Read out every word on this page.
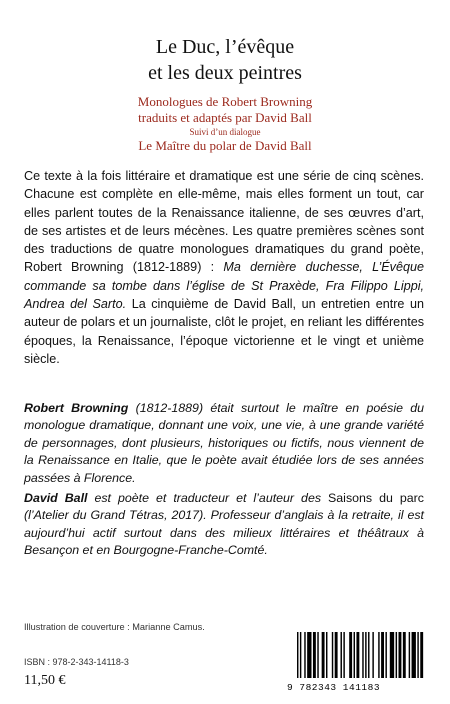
Le Duc, l’évêque
et les deux peintres
Monologues de Robert Browning
traduits et adaptés par David Ball
Suivi d’un dialogue
Le Maître du polar de David Ball

Ce texte à la fois littéraire et dramatique est une série de cinq scènes. Chacune est complète en elle-même, mais elles forment un tout, car elles parlent toutes de la Renaissance italienne, de ses œuvres d’art, de ses artistes et de leurs mécènes. Les quatre premières scènes sont des traductions de quatre monologues dramatiques du grand poète, Robert Browning (1812-1889) : Ma dernière duchesse, L’Évêque commande sa tombe dans l’église de St Praxède, Fra Filippo Lippi, Andrea del Sarto. La cinquième de David Ball, un entretien entre un auteur de polars et un journaliste, clôt le projet, en reliant les différentes époques, la Renaissance, l’époque victorienne et le vingt et unième siècle.

Robert Browning (1812-1889) était surtout le maître en poésie du monologue dramatique, donnant une voix, une vie, à une grande variété de personnages, dont plusieurs, historiques ou fictifs, nous viennent de la Renaissance en Italie, que le poète avait étudiée lors de ses années passées à Florence.

David Ball est poète et traducteur et l’auteur des Saisons du parc (l’Atelier du Grand Tétras, 2017). Professeur d’anglais à la retraite, il est aujourd’hui actif surtout dans des milieux littéraires et théâtraux à Besançon et en Bourgogne-Franche-Comté.

Illustration de couverture : Marianne Camus.
ISBN : 978-2-343-14118-3
11,50 €	9 782343 141183
